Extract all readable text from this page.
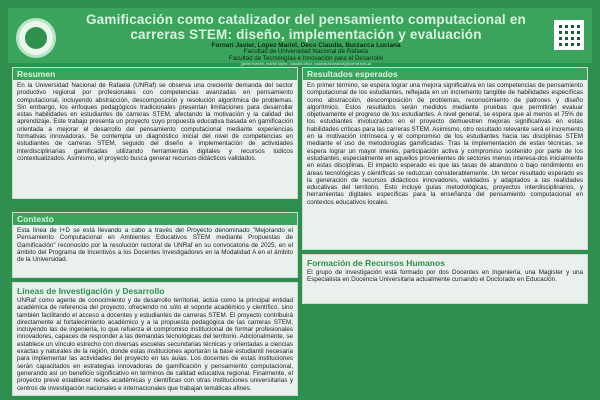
Gamificación como catalizador del pensamiento computacional en carreras STEM: diseño, implementación y evaluación
Fornari Javier, López Mariel, Deco Claudia, Burzacca Luciana
Facultad de Universidad Nacional de Rafaela
Facultad de Tecnologías e Innovación para el Desarrollo
{javier.fornari, mariel.lopez, claudia.deco, luciana.burzacca}@unraf.edu.ar
Resumen
En la Universidad Nacional de Rafaela (UNRaf) se observa una creciente demanda del sector productivo regional por profesionales con competencias avanzadas en pensamiento computacional, incluyendo abstracción, descomposición y resolución algorítmica de problemas. Sin embargo, los enfoques pedagógicos tradicionales presentan limitaciones para desarrollar estas habilidades en estudiantes de carreras STEM, afectando la motivación y la calidad del aprendizaje. Este trabajo presenta un proyecto cuyo propuesta educativa basada en gamificación orientada a mejorar el desarrollo del pensamiento computacional mediante experiencias formativas innovadoras. Se contempla un diagnóstico inicial del nivel de competencias en estudiantes de carreras STEM, seguido del diseño e implementación de actividades interdisciplinarias gamificadas utilizando herramientas digitales y recursos lúdicos contextualizados. Asimismo, el proyecto busca generar recursos didácticos validados.
Contexto
Esta línea de I+D se está llevando a cabo a través del Proyecto denominado "Mejorando el Pensamiento Computacional en Ambientes Educativos STEM mediante Propuestas de Gamificación" reconocido por la resolución rectoral de UNRaf en su convocatoria de 2025, en el ámbito del Programa de Incentivos a los Docentes Investigadores en la Modalidad A en el ámbito de la Universidad.
Líneas de Investigación y Desarrollo
UNRaf como agente de conocimiento y de desarrollo territorial, actúa como la principal entidad académica de referencia del proyecto, ofreciendo no sólo el soporte académico y científico, sino también facilitando el acceso a docentes y estudiantes de carreras STEM. El proyecto contribuirá directamente al fortalecimiento académico y a la propuesta pedagógica de las carreras STEM, incluyendo las de ingeniería, lo que refuerza el compromiso institucional de formar profesionales innovadores, capaces de responder a las demandas tecnológicas del territorio. Adicionalmente, se establece un vínculo estrecho con diversas escuelas secundarias técnicas y orientadas a ciencias exactas y naturales de la región, donde estas instituciones aportarán la base estudiantil necesaria para implementar las actividades del proyecto en las aulas. Los docentes de estas instituciones serán capacitados en estrategias innovadoras de gamificación y pensamiento computacional, generando así un beneficio significativo en términos de calidad educativa regional. Finalmente, el proyecto prevé establecer redes académicas y científicas con otras instituciones universitarias y centros de investigación nacionales e internacionales que trabajan temáticas afines.
Resultados esperados
En primer término, se espera lograr una mejora significativa en las competencias de pensamiento computacional de los estudiantes, reflejada en un incremento tangible de habilidades específicas como abstracción, descomposición de problemas, reconocimiento de patrones y diseño algorítmico. Estos resultados serán medidos mediante pruebas que permitirán evaluar objetivamente el progreso de los estudiantes. A nivel general, se espera que al menos el 75% de los estudiantes involucrados en el proyecto demuestren mejoras significativas en estas habilidades críticas para las carreras STEM. Asimismo, otro resultado relevante será el incremento en la motivación intrínseca y el compromiso de los estudiantes hacia las disciplinas STEM mediante el uso de metodologías gamificadas. Tras la implementación de estas técnicas, se espera lograr un mayor interés, participación activa y compromiso sostenido por parte de los estudiantes, especialmente en aquellos provenientes de sectores menos interesa-dos inicialmente en estas disciplinas. El impacto esperado es que las tasas de abandono o bajo rendimiento en áreas tecnológicas y científicas se reduzcan considerablemente. Un tercer resultado esperado es la generación de recursos didácticos innovadores, validados y adaptados a las realidades educativas del territorio. Esto incluye guías metodológicas, proyectos interdisciplinarios, y herramientas digitales específicas para la enseñanza del pensamiento computacional en contextos educativos locales.
Formación de Recursos Humanos
El grupo de investigación está formado por dos Docentes en Ingeniería, una Magister y una Especialista en Docencia Universitaria actualmente cursando el Doctorado en Educación.
